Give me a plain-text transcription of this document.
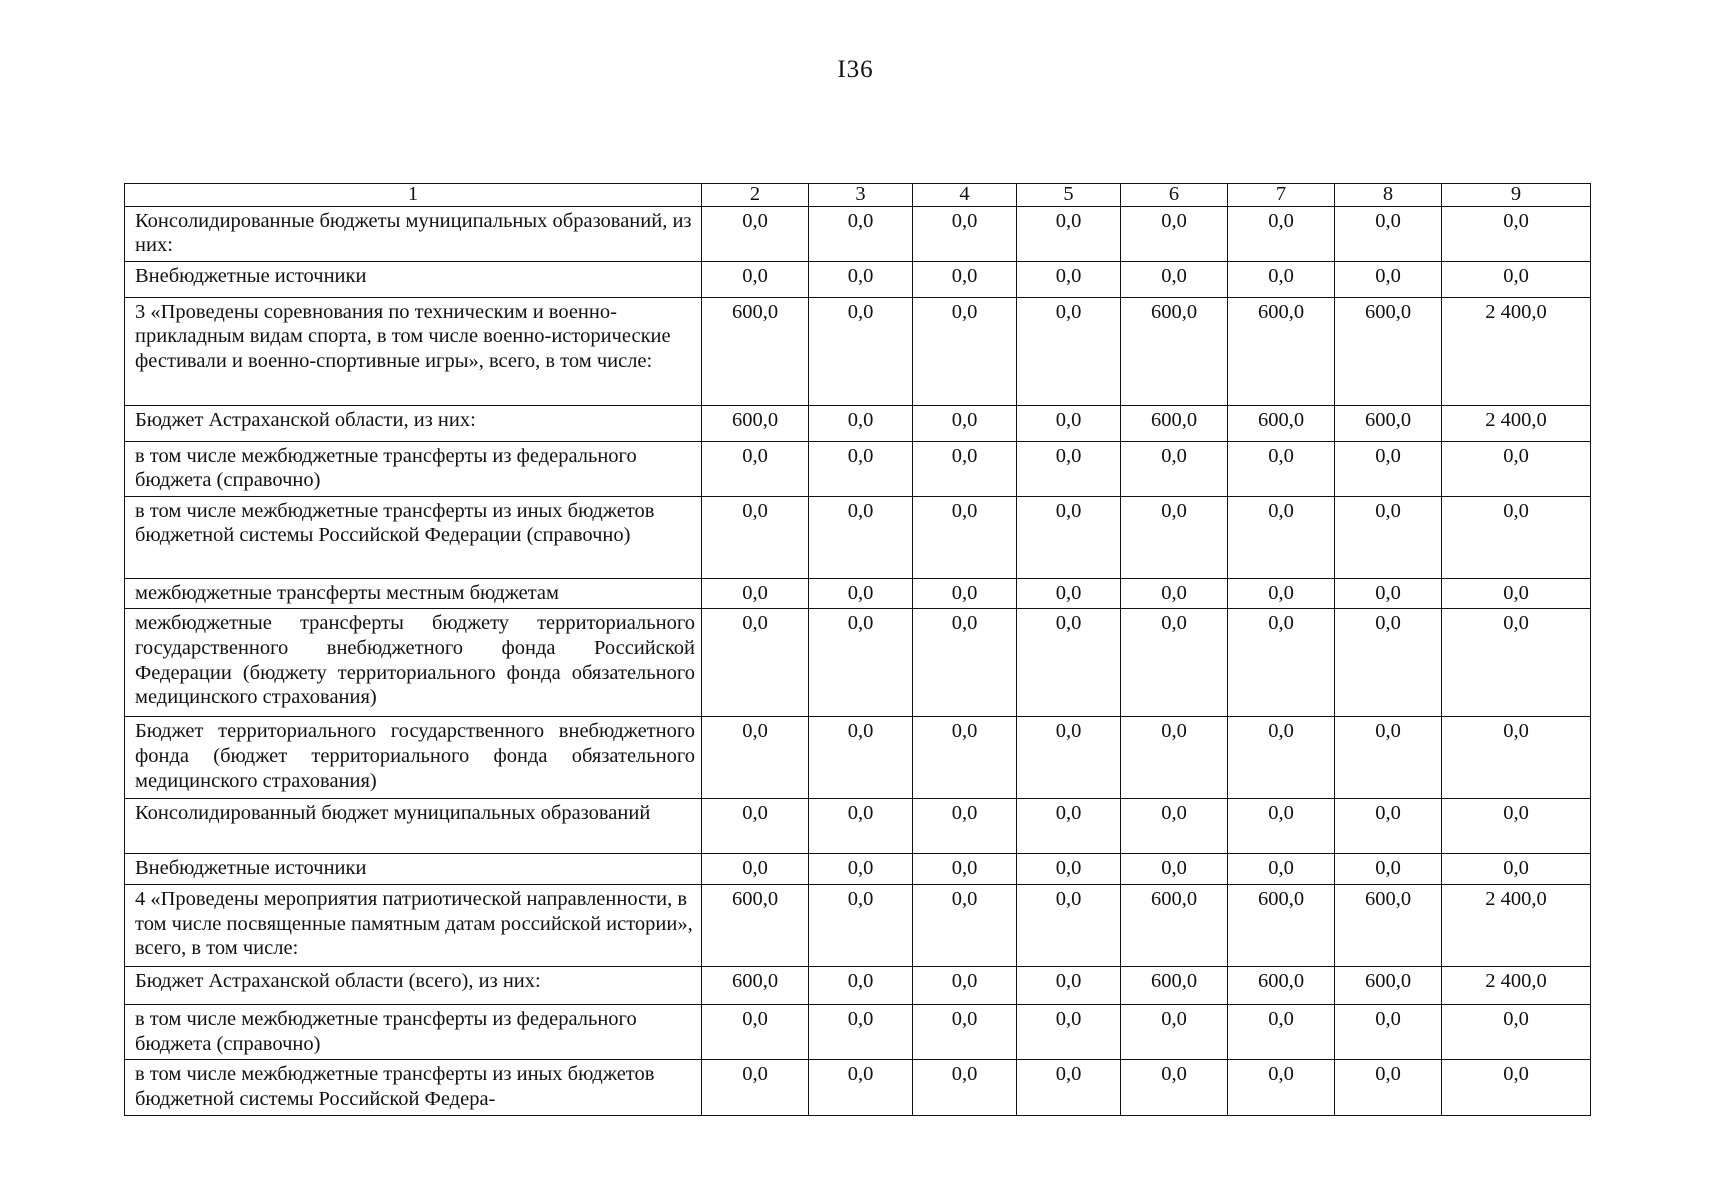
I36
1	2	3	4	5	6	7	8	9
Консолидированные бюджеты муниципальных образований, из них:	0,0	0,0	0,0	0,0	0,0	0,0	0,0	0,0
Внебюджетные источники	0,0	0,0	0,0	0,0	0,0	0,0	0,0	0,0
3 «Проведены соревнования по техническим и военно-прикладным видам спорта, в том числе военно-исторические фестивали и военно-спортивные игры», всего, в том числе:	600,0	0,0	0,0	0,0	600,0	600,0	600,0	2 400,0
Бюджет Астраханской области, из них:	600,0	0,0	0,0	0,0	600,0	600,0	600,0	2 400,0
в том числе межбюджетные трансферты из федерального бюджета (справочно)	0,0	0,0	0,0	0,0	0,0	0,0	0,0	0,0
в том числе межбюджетные трансферты из иных бюджетов бюджетной системы Российской Федерации (справочно)	0,0	0,0	0,0	0,0	0,0	0,0	0,0	0,0
межбюджетные трансферты местным бюджетам	0,0	0,0	0,0	0,0	0,0	0,0	0,0	0,0
межбюджетные трансферты бюджету территориального государственного внебюджетного фонда Российской Федерации (бюджету территориального фонда обязательного медицинского страхования)	0,0	0,0	0,0	0,0	0,0	0,0	0,0	0,0
Бюджет территориального государственного внебюджетного фонда (бюджет территориального фонда обязательного медицинского страхования)	0,0	0,0	0,0	0,0	0,0	0,0	0,0	0,0
Консолидированный бюджет муниципальных образований	0,0	0,0	0,0	0,0	0,0	0,0	0,0	0,0
Внебюджетные источники	0,0	0,0	0,0	0,0	0,0	0,0	0,0	0,0
4 «Проведены мероприятия патриотической направленности, в том числе посвященные памятным датам российской истории», всего, в том числе:	600,0	0,0	0,0	0,0	600,0	600,0	600,0	2 400,0
Бюджет Астраханской области (всего), из них:	600,0	0,0	0,0	0,0	600,0	600,0	600,0	2 400,0
в том числе межбюджетные трансферты из федерального бюджета (справочно)	0,0	0,0	0,0	0,0	0,0	0,0	0,0	0,0
в том числе межбюджетные трансферты из иных бюджетов бюджетной системы Российской Федера-	0,0	0,0	0,0	0,0	0,0	0,0	0,0	0,0
